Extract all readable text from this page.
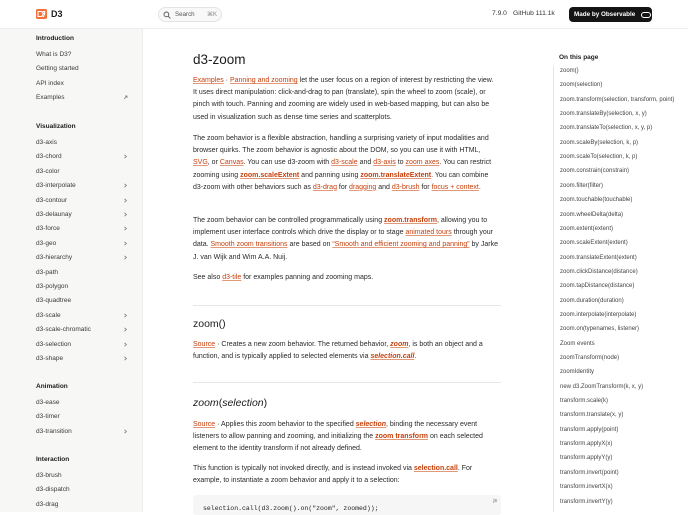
D3	Search ⌘K	7.9.0 GitHub 111.1k	Made by Observable
Introduction
What is D3?
Getting started
API index
Examples
Visualization
d3-axis
d3-chord
d3-color
d3-interpolate
d3-contour
d3-delaunay
d3-force
d3-geo
d3-hierarchy
d3-path
d3-polygon
d3-quadtree
d3-scale
d3-scale-chromatic
d3-selection
d3-shape
Animation
d3-ease
d3-timer
d3-transition
Interaction
d3-brush
d3-dispatch
d3-drag
d3-zoom

Examples · Panning and zooming let the user focus on a region of interest by restricting the view. It uses direct manipulation: click-and-drag to pan (translate), spin the wheel to zoom (scale), or pinch with touch. Panning and zooming are widely used in web-based mapping, but can also be used in visualization such as dense time series and scatterplots.

The zoom behavior is a flexible abstraction, handling a surprising variety of input modalities and browser quirks. The zoom behavior is agnostic about the DOM, so you can use it with HTML, SVG, or Canvas. You can use d3-zoom with d3-scale and d3-axis to zoom axes. You can restrict zooming using zoom.scaleExtent and panning using zoom.translateExtent. You can combine d3-zoom with other behaviors such as d3-drag for dragging and d3-brush for focus + context.

The zoom behavior can be controlled programmatically using zoom.transform, allowing you to implement user interface controls which drive the display or to stage animated tours through your data. Smooth zoom transitions are based on “Smooth and efficient zooming and panning” by Jarke J. van Wijk and Wim A.A. Nuij.

See also d3-tile for examples panning and zooming maps.

zoom()

Source · Creates a new zoom behavior. The returned behavior, zoom, is both an object and a function, and is typically applied to selected elements via selection.call.

zoom(selection)

Source · Applies this zoom behavior to the specified selection, binding the necessary event listeners to allow panning and zooming, and initializing the zoom transform on each selected element to the identity transform if not already defined.

This function is typically not invoked directly, and is instead invoked via selection.call. For example, to instantiate a zoom behavior and apply it to a selection:

js
selection.call(d3.zoom().on("zoom", zoomed));
On this page
zoom()
zoom(selection)
zoom.transform(selection, transform, point)
zoom.translateBy(selection, x, y)
zoom.translateTo(selection, x, y, p)
zoom.scaleBy(selection, k, p)
zoom.scaleTo(selection, k, p)
zoom.constrain(constrain)
zoom.filter(filter)
zoom.touchable(touchable)
zoom.wheelDelta(delta)
zoom.extent(extent)
zoom.scaleExtent(extent)
zoom.translateExtent(extent)
zoom.clickDistance(distance)
zoom.tapDistance(distance)
zoom.duration(duration)
zoom.interpolate(interpolate)
zoom.on(typenames, listener)
Zoom events
zoomTransform(node)
zoomIdentity
new d3.ZoomTransform(k, x, y)
transform.scale(k)
transform.translate(x, y)
transform.apply(point)
transform.applyX(x)
transform.applyY(y)
transform.invert(point)
transform.invertX(x)
transform.invertY(y)
